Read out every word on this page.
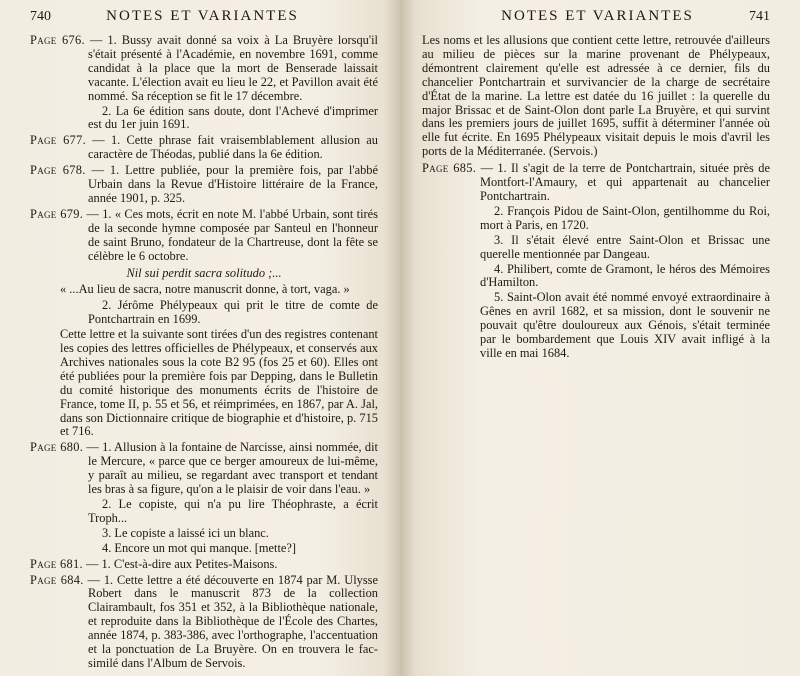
740	NOTES ET VARIANTES
Page 676. — 1. Bussy avait donné sa voix à La Bruyère lorsqu'il s'était présenté à l'Académie, en novembre 1691, comme candidat à la place que la mort de Benserade laissait vacante. L'élection avait eu lieu le 22, et Pavillon avait été nommé. Sa réception se fit le 17 décembre.
2. La 6e édition sans doute, dont l'Achevé d'imprimer est du 1er juin 1691.
Page 677. — 1. Cette phrase fait vraisemblablement allusion au caractère de Théodas, publié dans la 6e édition.
Page 678. — 1. Lettre publiée, pour la première fois, par l'abbé Urbain dans la Revue d'Histoire littéraire de la France, année 1901, p. 325.
Page 679. — 1. « Ces mots, écrit en note M. l'abbé Urbain, sont tirés de la seconde hymne composée par Santeul en l'honneur de saint Bruno, fondateur de la Chartreuse, dont la fête se célèbre le 6 octobre.
Nil sui perdit sacra solitudo ;...
« ...Au lieu de sacra, notre manuscrit donne, à tort, vaga. »
2. Jérôme Phélypeaux qui prit le titre de comte de Pontchartrain en 1699.
Cette lettre et la suivante sont tirées d'un des registres contenant les copies des lettres officielles de Phélypeaux, et conservés aux Archives nationales sous la cote B2 95 (fos 25 et 60). Elles ont été publiées pour la première fois par Depping, dans le Bulletin du comité historique des monuments écrits de l'histoire de France, tome II, p. 55 et 56, et réimprimées, en 1867, par A. Jal, dans son Dictionnaire critique de biographie et d'histoire, p. 715 et 716.
Page 680. — 1. Allusion à la fontaine de Narcisse, ainsi nommée, dit le Mercure, « parce que ce berger amoureux de lui-même, y paraît au milieu, se regardant avec transport et tendant les bras à sa figure, qu'on a le plaisir de voir dans l'eau. »
2. Le copiste, qui n'a pu lire Théophraste, a écrit Troph...
3. Le copiste a laissé ici un blanc.
4. Encore un mot qui manque. [mette?]
Page 681. — 1. C'est-à-dire aux Petites-Maisons.
Page 684. — 1. Cette lettre a été découverte en 1874 par M. Ulysse Robert dans le manuscrit 873 de la collection Clairambault, fos 351 et 352, à la Bibliothèque nationale, et reproduite dans la Bibliothèque de l'École des Chartes, année 1874, p. 383-386, avec l'orthographe, l'accentuation et la ponctuation de La Bruyère. On en trouvera le fac-similé dans l'Album de Servois.
NOTES ET VARIANTES	741
Les noms et les allusions que contient cette lettre, retrouvée d'ailleurs au milieu de pièces sur la marine provenant de Phélypeaux, démontrent clairement qu'elle est adressée à ce dernier, fils du chancelier Pontchartrain et survivancier de la charge de secrétaire d'État de la marine. La lettre est datée du 16 juillet : la querelle du major Brissac et de Saint-Olon dont parle La Bruyère, et qui survint dans les premiers jours de juillet 1695, suffit à déterminer l'année où elle fut écrite. En 1695 Phélypeaux visitait depuis le mois d'avril les ports de la Méditerranée. (Servois.)
Page 685. — 1. Il s'agit de la terre de Pontchartrain, située près de Montfort-l'Amaury, et qui appartenait au chancelier Pontchartrain.
2. François Pidou de Saint-Olon, gentilhomme du Roi, mort à Paris, en 1720.
3. Il s'était élevé entre Saint-Olon et Brissac une querelle mentionnée par Dangeau.
4. Philibert, comte de Gramont, le héros des Mémoires d'Hamilton.
5. Saint-Olon avait été nommé envoyé extraordinaire à Gênes en avril 1682, et sa mission, dont le souvenir ne pouvait qu'être douloureux aux Génois, s'était terminée par le bombardement que Louis XIV avait infligé à la ville en mai 1684.
